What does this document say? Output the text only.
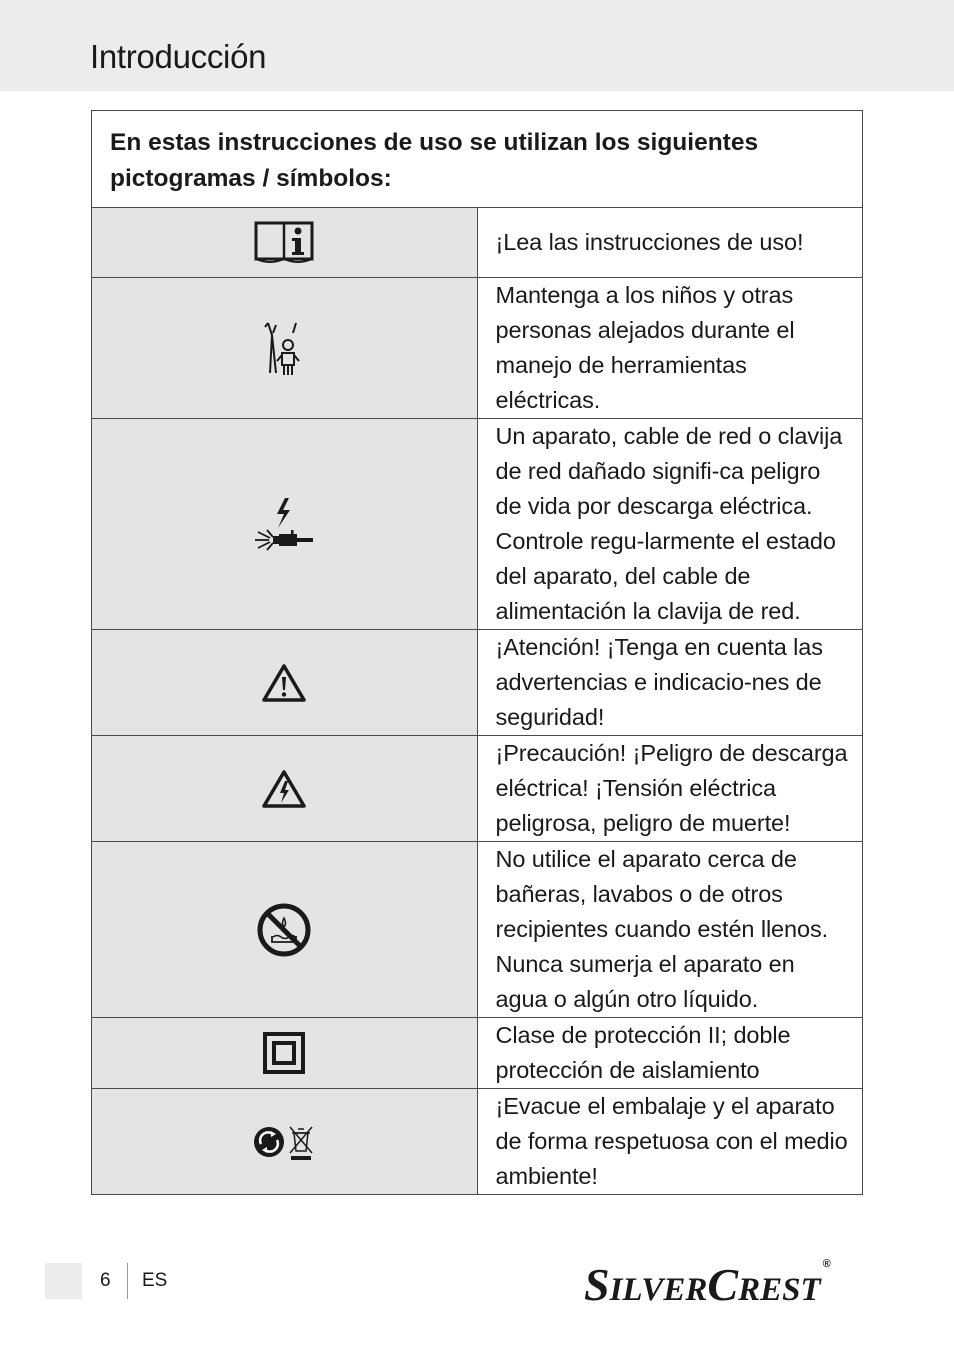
Introducción
En estas instrucciones de uso se utilizan los siguientes pictogramas / símbolos:	

	¡Lea las instrucciones de uso!

	Mantenga a los niños y otras personas alejados durante el manejo de herramientas eléctricas.

	Un aparato, cable de red o clavija de red dañado signifi-ca peligro de vida por descarga eléctrica. Controle regu-larmente el estado del aparato, del cable de alimentación la clavija de red.

	¡Atención! ¡Tenga en cuenta las advertencias e indicacio-nes de seguridad!

	¡Precaución! ¡Peligro de descarga eléctrica! ¡Tensión eléctrica peligrosa, peligro de muerte!

	No utilice el aparato cerca de bañeras, lavabos o de otros recipientes cuando estén llenos. Nunca sumerja el aparato en agua o algún otro líquido.

	Clase de protección II; doble protección de aislamiento

	¡Evacue el embalaje y el aparato de forma respetuosa con el medio ambiente!
6 ES	SILVERCREST®
